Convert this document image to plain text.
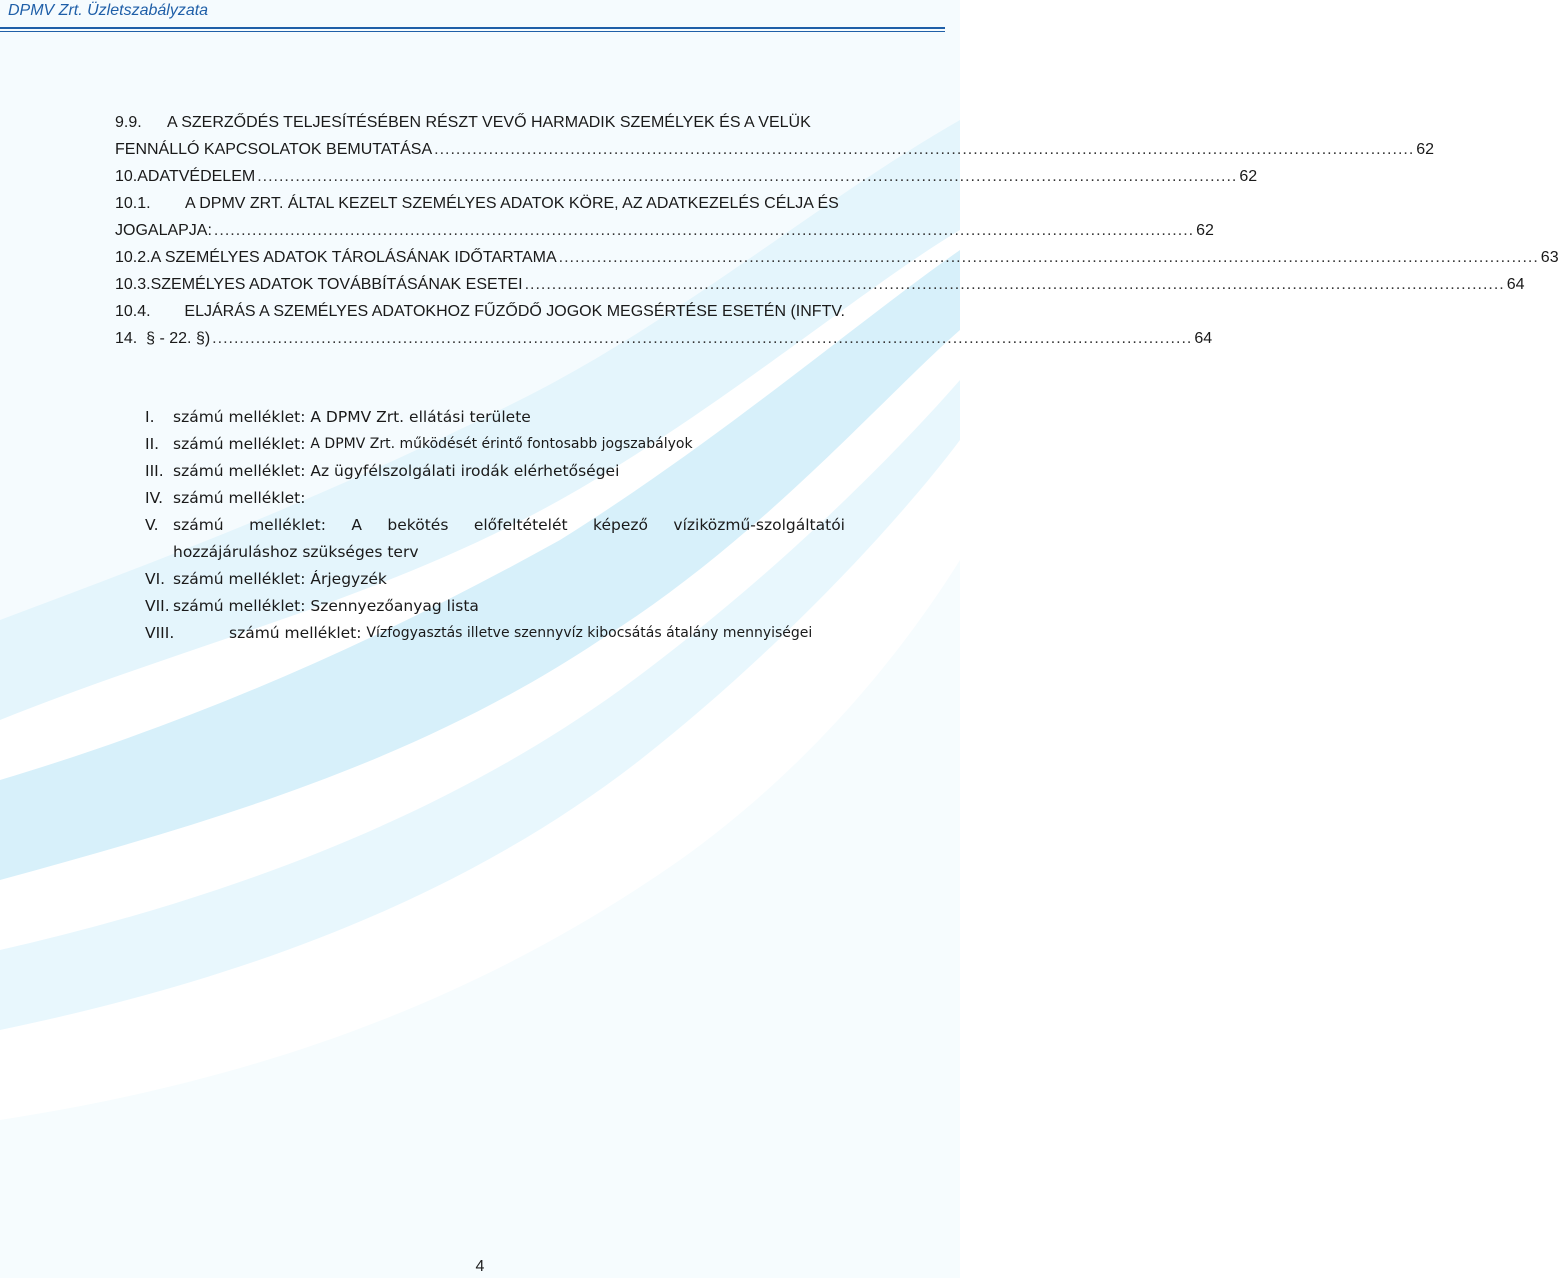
DPMV Zrt. Üzletszabályzata
9.9.	A SZERZŐDÉS TELJESÍTÉSÉBEN RÉSZT VEVŐ HARMADIK SZEMÉLYEK ÉS A VELÜK
FENNÁLLÓ KAPCSOLATOK BEMUTATÁSA .................................................................................................................................................................................... 62
10. ADATVÉDELEM .................................................................................................................................................................................... 62
10.1.	A DPMV ZRT. ÁLTAL KEZELT SZEMÉLYES ADATOK KÖRE, AZ ADATKEZELÉS CÉLJA ÉS
JOGALAPJA: .................................................................................................................................................................................... 62
10.2. A SZEMÉLYES ADATOK TÁROLÁSÁNAK IDŐTARTAMA .................................................................................................................................................................................... 63
10.3. SZEMÉLYES ADATOK TOVÁBBÍTÁSÁNAK ESETEI .................................................................................................................................................................................... 64
10.4.	ELJÁRÁS A SZEMÉLYES ADATOKHOZ FŰZŐDŐ JOGOK MEGSÉRTÉSE ESETÉN (INFTV.
14.  § - 22. §) .................................................................................................................................................................................... 64
I.	számú melléklet: A DPMV Zrt. ellátási területe
II. számú melléklet: A DPMV Zrt. működését érintő fontosabb jogszabályok
III. számú melléklet: Az ügyfélszolgálati irodák elérhetőségei
IV. számú melléklet:
V. számú melléklet: A bekötés előfeltételét képező víziközmű-szolgáltatói
hozzájáruláshoz szükséges terv
VI. számú melléklet: Árjegyzék
VII. számú melléklet: Szennyezőanyag lista
VIII.	számú melléklet: Vízfogyasztás illetve szennyvíz kibocsátás átalány mennyiségei
4
